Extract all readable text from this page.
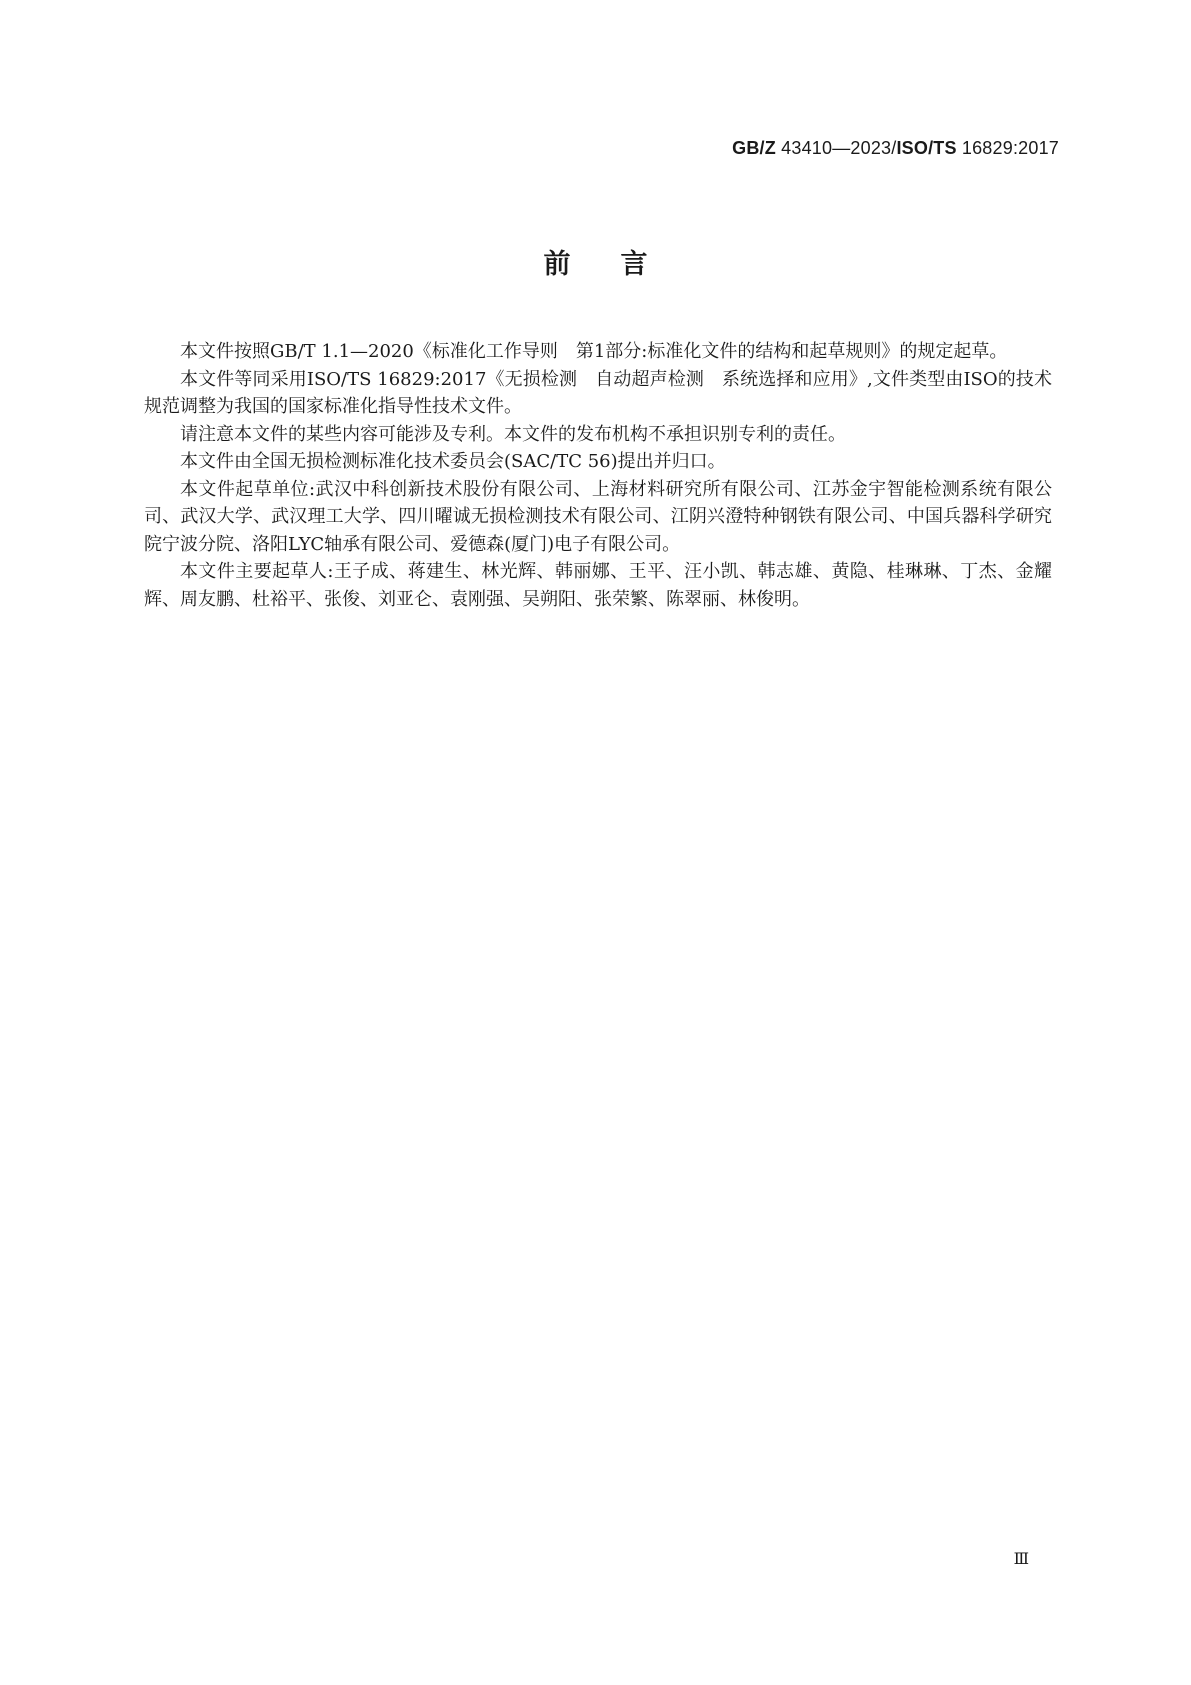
GB/Z 43410—2023/ISO/TS 16829:2017
前言

本文件按照GB/T 1.1—2020《标准化工作导则　第1部分:标准化文件的结构和起草规则》的规定起草。

本文件等同采用ISO/TS 16829:2017《无损检测　自动超声检测　系统选择和应用》,文件类型由ISO的技术规范调整为我国的国家标准化指导性技术文件。

请注意本文件的某些内容可能涉及专利。本文件的发布机构不承担识别专利的责任。

本文件由全国无损检测标准化技术委员会(SAC/TC 56)提出并归口。

本文件起草单位:武汉中科创新技术股份有限公司、上海材料研究所有限公司、江苏金宇智能检测系统有限公司、武汉大学、武汉理工大学、四川曜诚无损检测技术有限公司、江阴兴澄特种钢铁有限公司、中国兵器科学研究院宁波分院、洛阳LYC轴承有限公司、爱德森(厦门)电子有限公司。

本文件主要起草人:王子成、蒋建生、林光辉、韩丽娜、王平、汪小凯、韩志雄、黄隐、桂琳琳、丁杰、金耀辉、周友鹏、杜裕平、张俊、刘亚仑、袁刚强、吴朔阳、张荣繁、陈翠丽、林俊明。

Ⅲ
